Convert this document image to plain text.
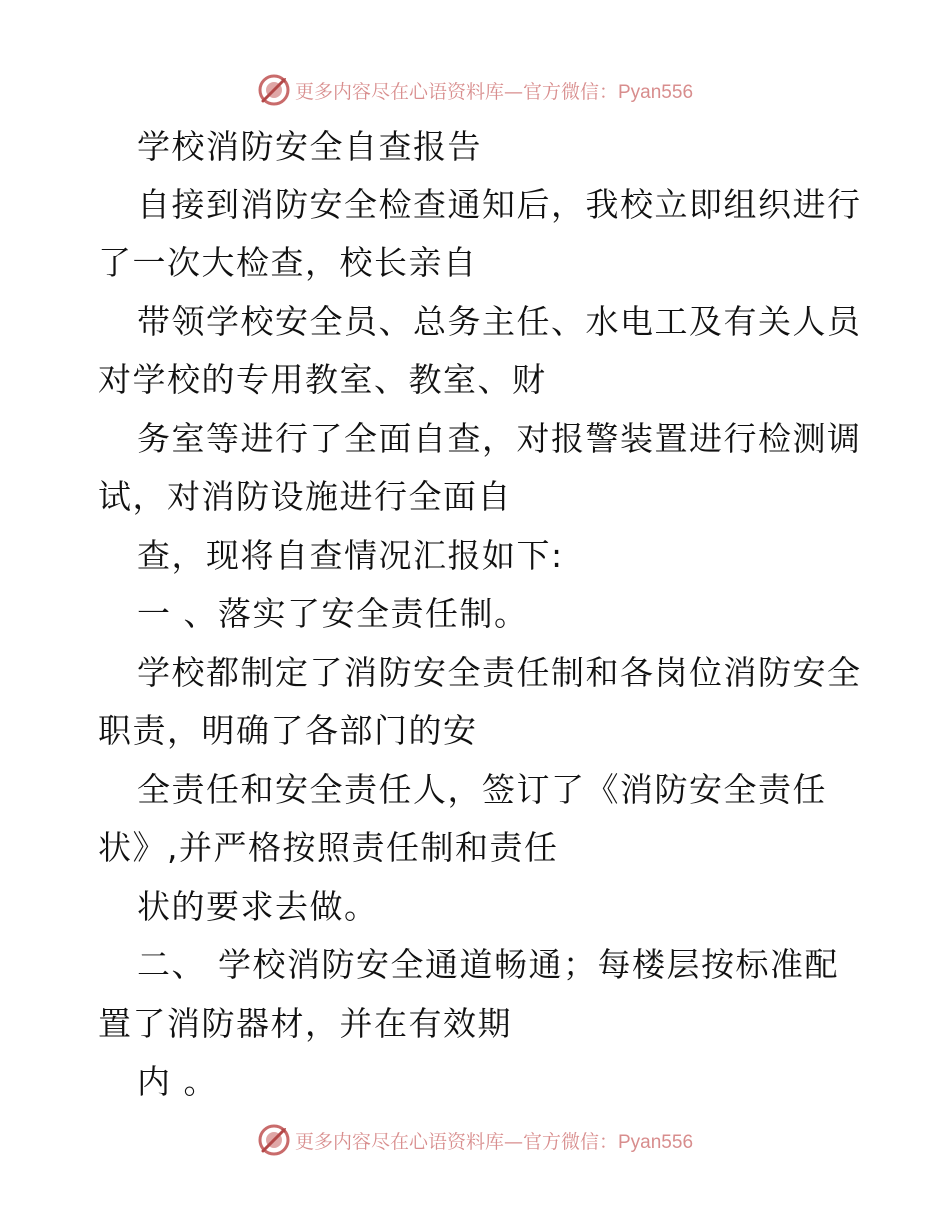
更多内容尽在心语资料库—官方微信：Pyan556
学校消防安全自查报告
自接到消防安全检查通知后，我校立即组织进行
了一次大检查，校长亲自
带领学校安全员、总务主任、水电工及有关人员
对学校的专用教室、教室、财
务室等进行了全面自查，对报警装置进行检测调
试，对消防设施进行全面自
查，现将自查情况汇报如下:
一 、落实了安全责任制。
学校都制定了消防安全责任制和各岗位消防安全
职责，明确了各部门的安
全责任和安全责任人，签订了《消防安全责任
状》,并严格按照责任制和责任
状的要求去做。
二、 学校消防安全通道畅通；每楼层按标准配
置了消防器材，并在有效期
内 。
更多内容尽在心语资料库—官方微信：Pyan556
